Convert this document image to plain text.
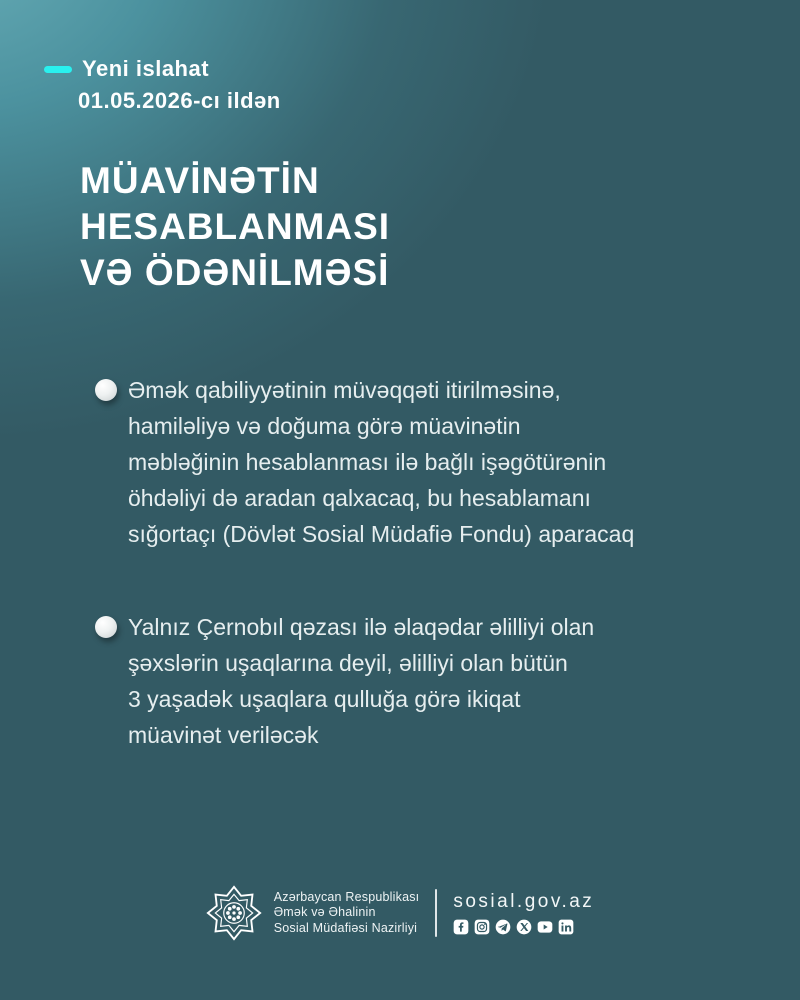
Yeni islahat
01.05.2026-cı ildən
MÜAVİNƏTİN
HESABLANMASI
VƏ ÖDƏNİLMƏSİ
Əmək qabiliyyətinin müvəqqəti itirilməsinə,
hamiləliyə və doğuma görə müavinətin
məbləğinin hesablanması ilə bağlı işəgötürənin
öhdəliyi də aradan qalxacaq, bu hesablamanı
sığortaçı (Dövlət Sosial Müdafiə Fondu) aparacaq
Yalnız Çernobıl qəzası ilə əlaqədar əlilliyi olan
şəxslərin uşaqlarına deyil, əlilliyi olan bütün
3 yaşadək uşaqlara qulluğa görə ikiqat
müavinət veriləcək
Azərbaycan Respublikası
Əmək və Əhalinin
Sosial Müdafiəsi Nazirliyi
sosial.gov.az
